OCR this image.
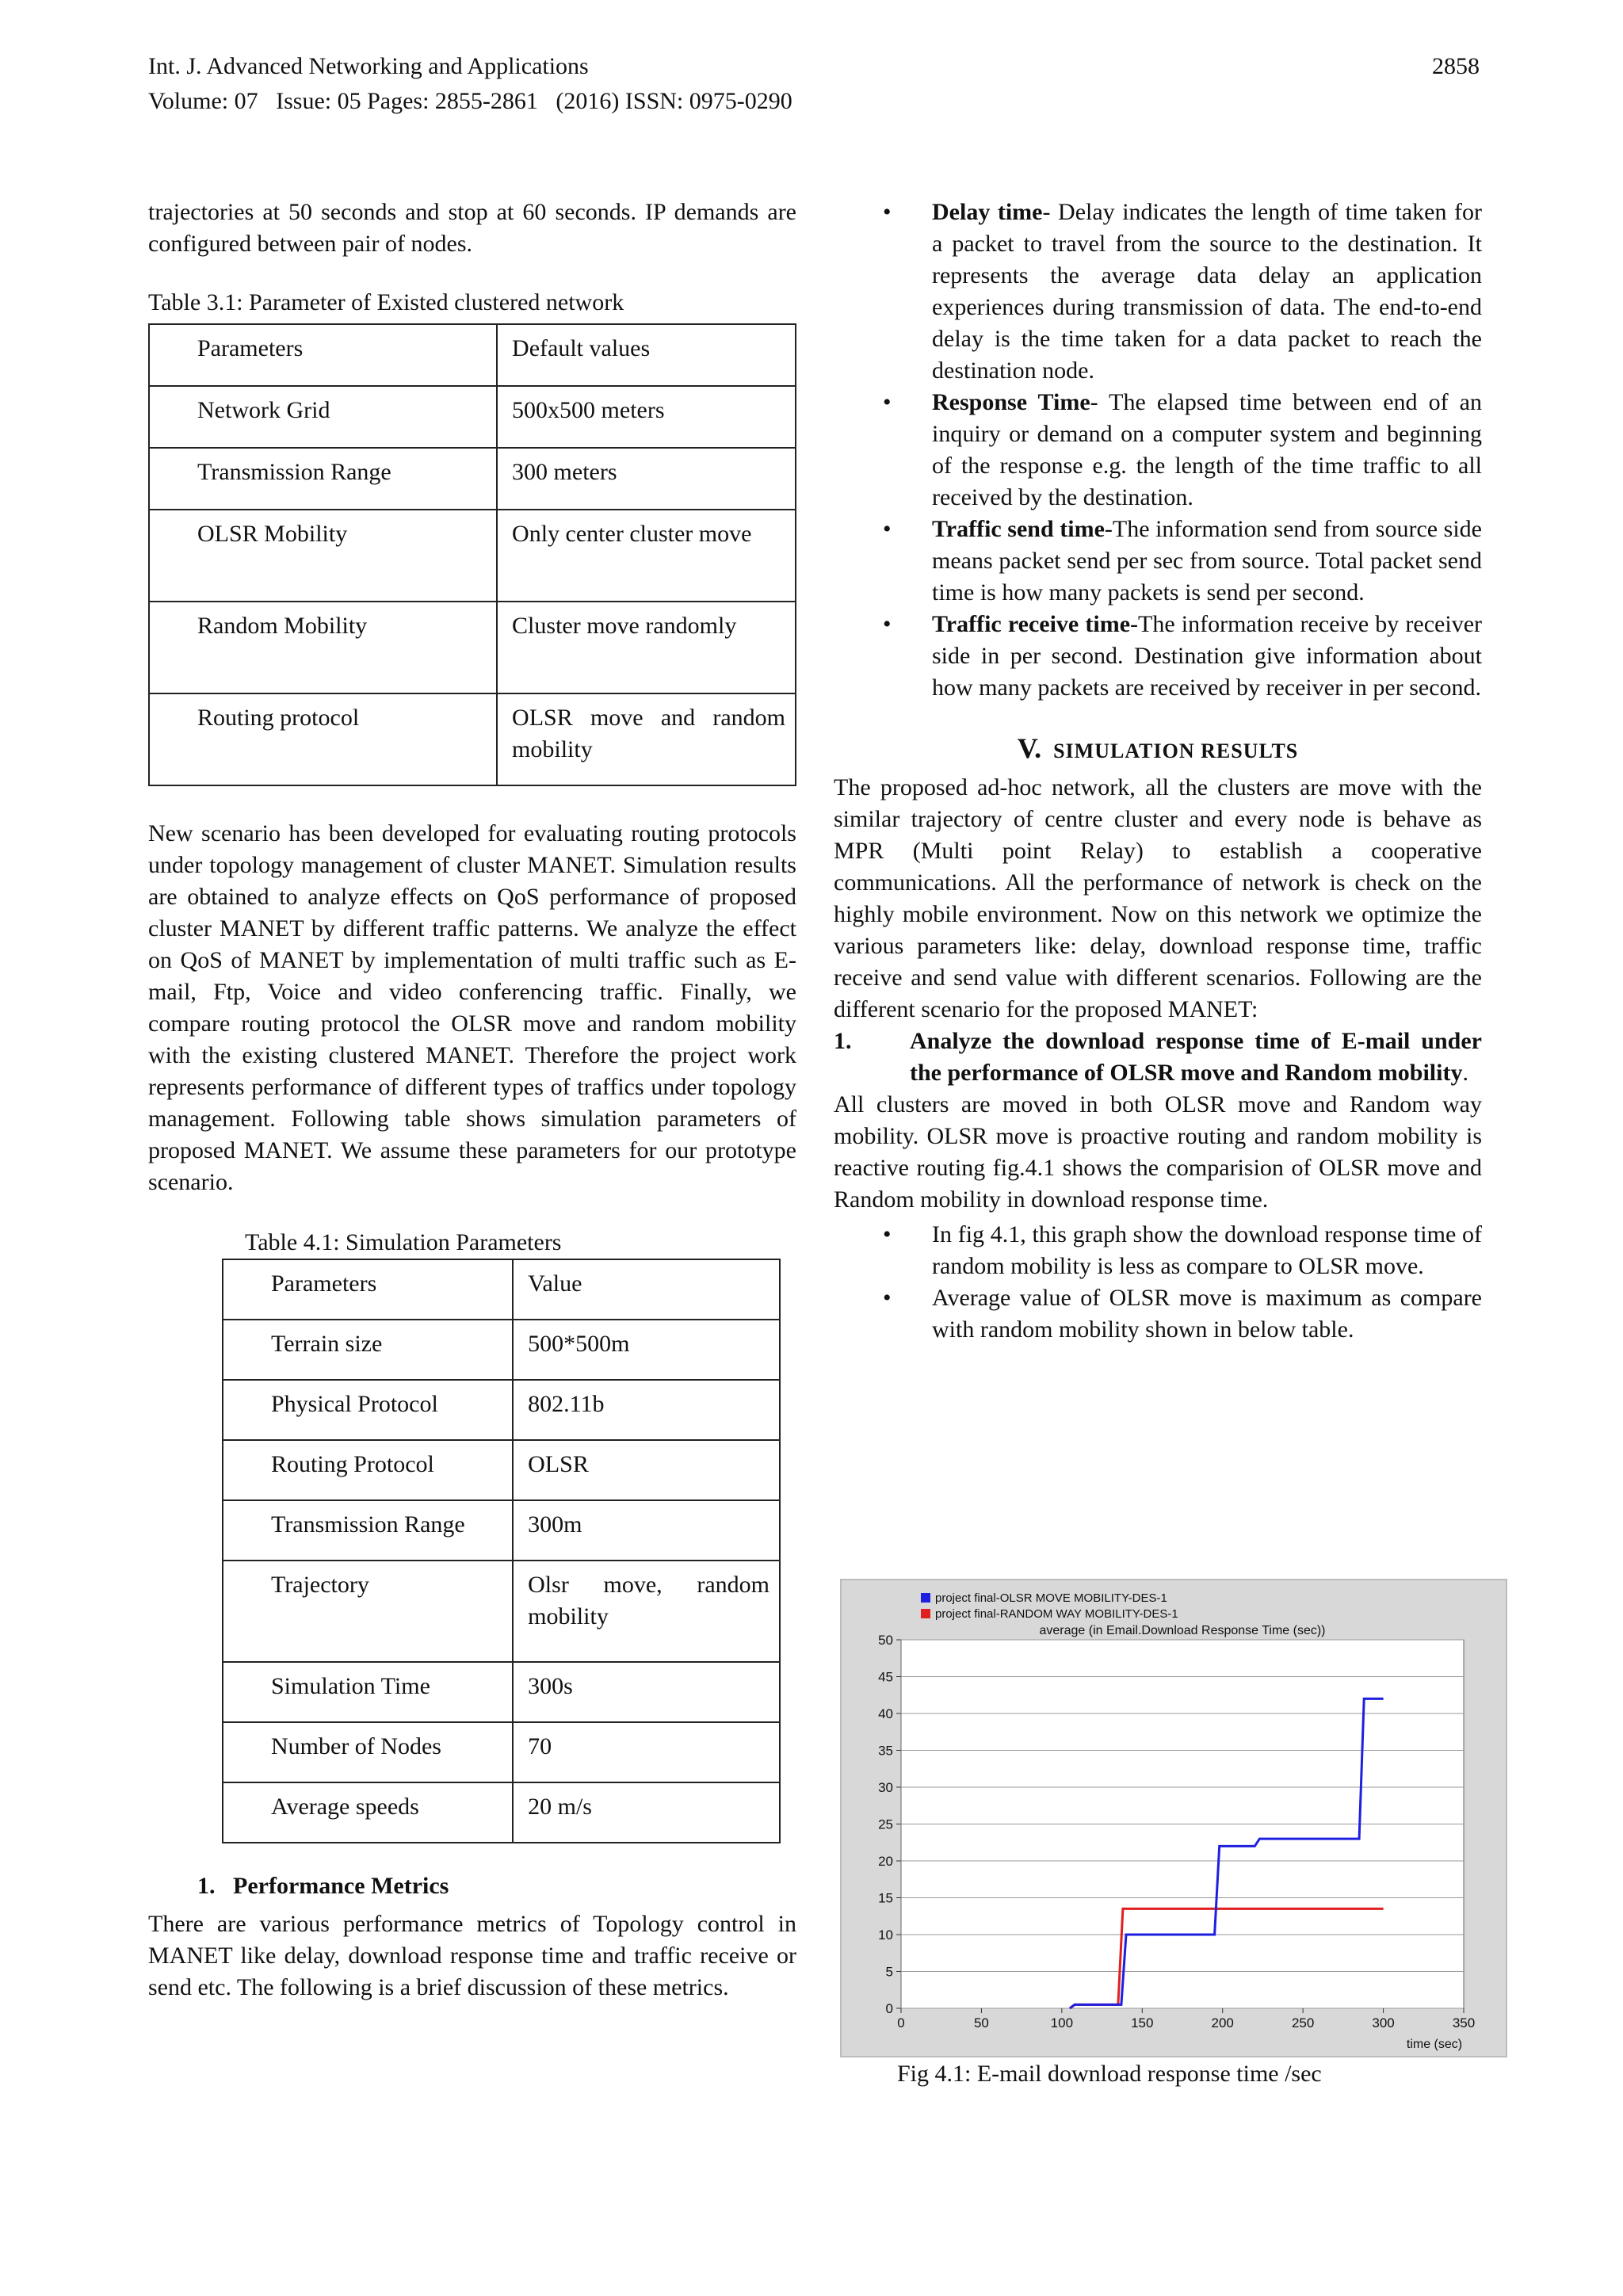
Int. J. Advanced Networking and Applications
Volume: 07   Issue: 05 Pages: 2855-2861   (2016) ISSN: 0975-0290
2858

trajectories at 50 seconds and stop at 60 seconds. IP demands are configured between pair of nodes.

Table 3.1: Parameter of Existed clustered network

Parameters	Default values
Network Grid	500x500 meters
Transmission Range	300 meters
OLSR Mobility	Only center cluster move
Random Mobility	Cluster move randomly
Routing protocol	OLSR move and random mobility

New scenario has been developed for evaluating routing protocols under topology management of cluster MANET. Simulation results are obtained to analyze effects on QoS performance of proposed cluster MANET by different traffic patterns. We analyze the effect on QoS of MANET by implementation of multi traffic such as E-mail, Ftp, Voice and video conferencing traffic. Finally, we compare routing protocol the OLSR move and random mobility with the existing clustered MANET. Therefore the project work represents performance of different types of traffics under topology management. Following table shows simulation parameters of proposed MANET. We assume these parameters for our prototype scenario.

Table 4.1: Simulation Parameters

Parameters	Value
Terrain size	500*500m
Physical Protocol	802.11b
Routing Protocol	OLSR
Transmission Range	300m
Trajectory	Olsr move, random mobility
Simulation Time	300s
Number of Nodes	70
Average speeds	20 m/s
1. Performance Metrics

There are various performance metrics of Topology control in MANET like delay, download response time and traffic receive or send etc. The following is a brief discussion of these metrics.

• Delay time- Delay indicates the length of time taken for a packet to travel from the source to the destination. It represents the average data delay an application experiences during transmission of data. The end-to-end delay is the time taken for a data packet to reach the destination node.
• Response Time- The elapsed time between end of an inquiry or demand on a computer system and beginning of the response e.g. the length of the time traffic to all received by the destination.
• Traffic send time-The information send from source side means packet send per sec from source. Total packet send time is how many packets is send per second.
• Traffic receive time-The information receive by receiver side in per second. Destination give information about how many packets are received by receiver in per second.
V. SIMULATION RESULTS

The proposed ad-hoc network, all the clusters are move with the similar trajectory of centre cluster and every node is behave as MPR (Multi point Relay) to establish a cooperative communications. All the performance of network is check on the highly mobile environment. Now on this network we optimize the various parameters like: delay, download response time, traffic receive and send value with different scenarios. Following are the different scenario for the proposed MANET:

1.	Analyze the download response time of E-mail under the performance of OLSR move and Random mobility.

All clusters are moved in both OLSR move and Random way mobility. OLSR move is proactive routing and random mobility is reactive routing fig.4.1 shows the comparision of OLSR move and Random mobility in download response time.

• In fig 4.1, this graph show the download response time of random mobility is less as compare to OLSR move.
• Average value of OLSR move is maximum as compare with random mobility shown in below table.
0
5
10
15
20
25
30
35
40
45
50
0	50	100	150	200	250	300	350
time (sec)
average (in Email.Download Response Time (sec))
project final-OLSR MOVE MOBILITY-DES-1
project final-RANDOM WAY MOBILITY-DES-1
Fig 4.1: E-mail download response time /sec
